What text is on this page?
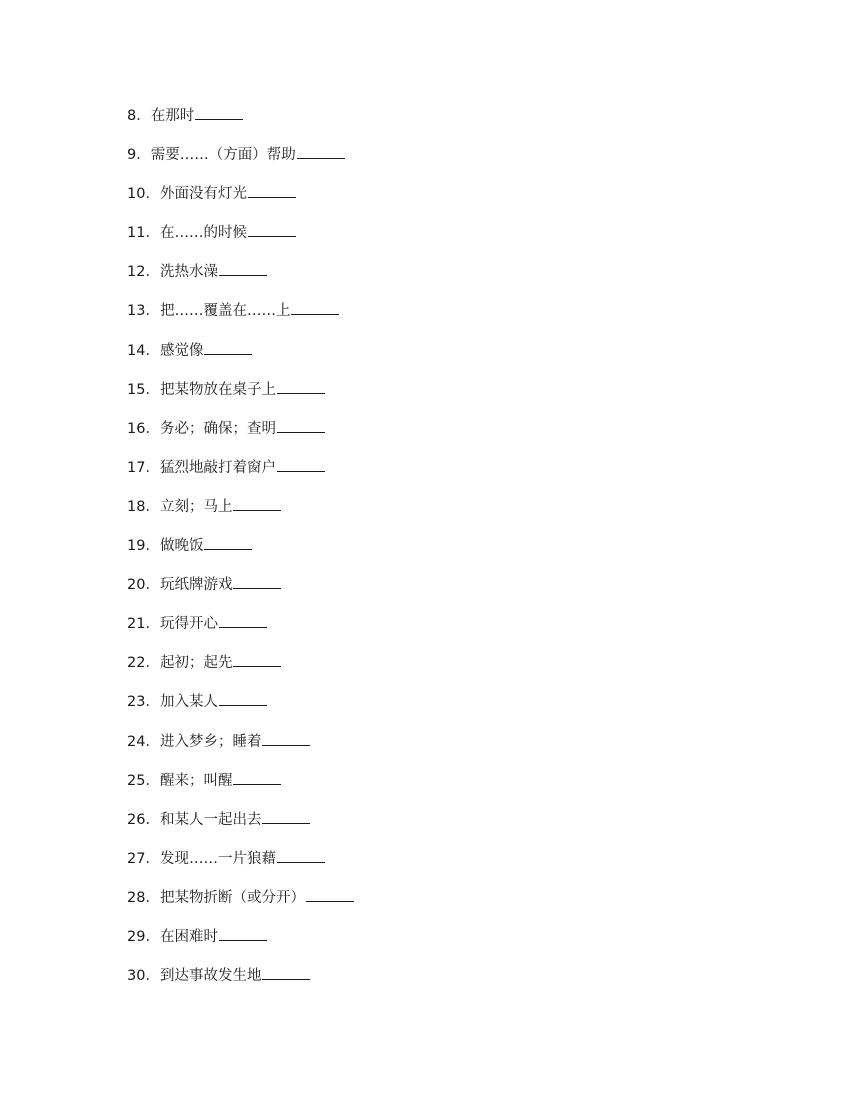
8．在那时
9．需要……（方面）帮助
10．外面没有灯光
11．在……的时候
12．洗热水澡
13．把……覆盖在……上
14．感觉像
15．把某物放在桌子上
16．务必；确保；查明
17．猛烈地敲打着窗户
18．立刻；马上
19．做晚饭
20．玩纸牌游戏
21．玩得开心
22．起初；起先
23．加入某人
24．进入梦乡；睡着
25．醒来；叫醒
26．和某人一起出去
27．发现……一片狼藉
28．把某物折断（或分开）
29．在困难时
30．到达事故发生地
